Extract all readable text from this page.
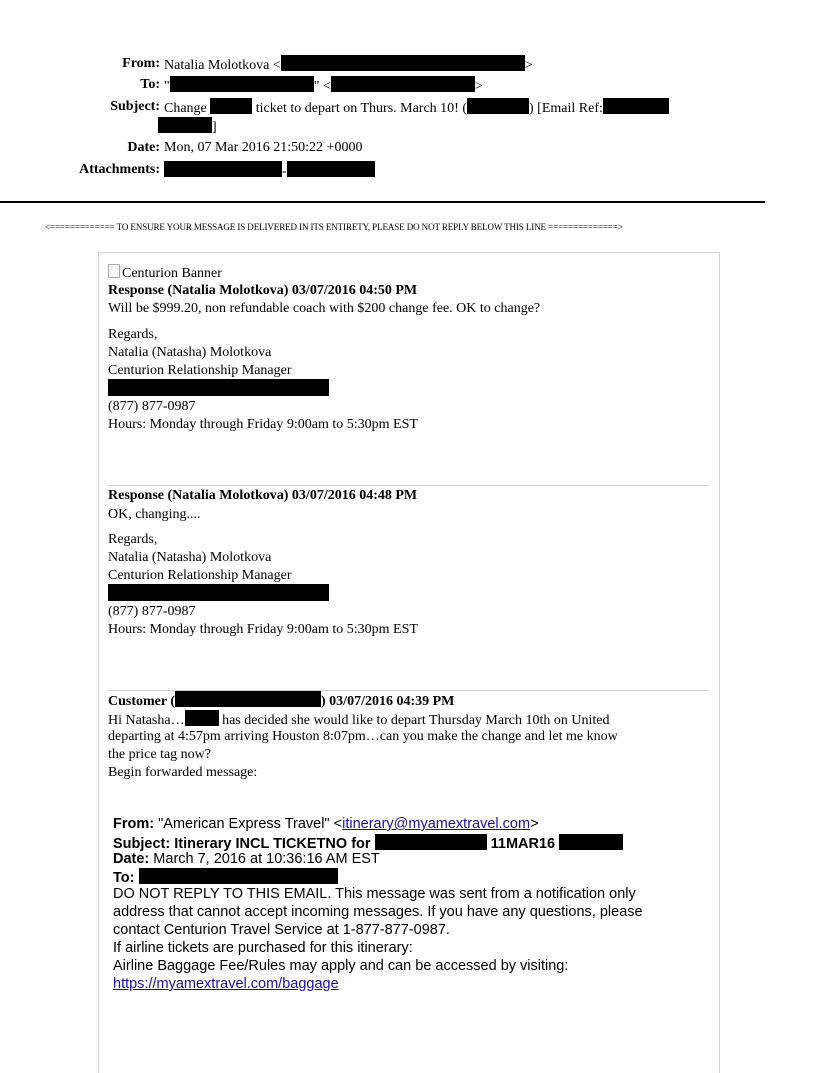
From: Natalia Molotkova <	>
To: "	" <	>
Subject: Change	ticket to depart on Thurs. March 10! (	) [Email Ref:
]
Date: Mon, 07 Mar 2016 21:50:22 +0000
Attachments:	-
<============= TO ENSURE YOUR MESSAGE IS DELIVERED IN ITS ENTIRETY, PLEASE DO NOT REPLY BELOW THIS LINE ==============>
Centurion Banner
Response (Natalia Molotkova) 03/07/2016 04:50 PM
Will be $999.20, non refundable coach with $200 change fee. OK to change?
Regards,
Natalia (Natasha) Molotkova
Centurion Relationship Manager
(877) 877-0987
Hours: Monday through Friday 9:00am to 5:30pm EST
Response (Natalia Molotkova) 03/07/2016 04:48 PM
OK, changing....
Regards,
Natalia (Natasha) Molotkova
Centurion Relationship Manager
(877) 877-0987
Hours: Monday through Friday 9:00am to 5:30pm EST
Customer (	) 03/07/2016 04:39 PM
Hi Natasha…	has decided she would like to depart Thursday March 10th on United
departing at 4:57pm arriving Houston 8:07pm…can you make the change and let me know
the price tag now?
Begin forwarded message:
From: "American Express Travel" <itinerary@myamextravel.com>
Subject: Itinerary INCL TICKETNO for	11MAR16
Date: March 7, 2016 at 10:36:16 AM EST
To:
DO NOT REPLY TO THIS EMAIL. This message was sent from a notification only
address that cannot accept incoming messages. If you have any questions, please
contact Centurion Travel Service at 1-877-877-0987.
If airline tickets are purchased for this itinerary:
Airline Baggage Fee/Rules may apply and can be accessed by visiting:
https://myamextravel.com/baggage
